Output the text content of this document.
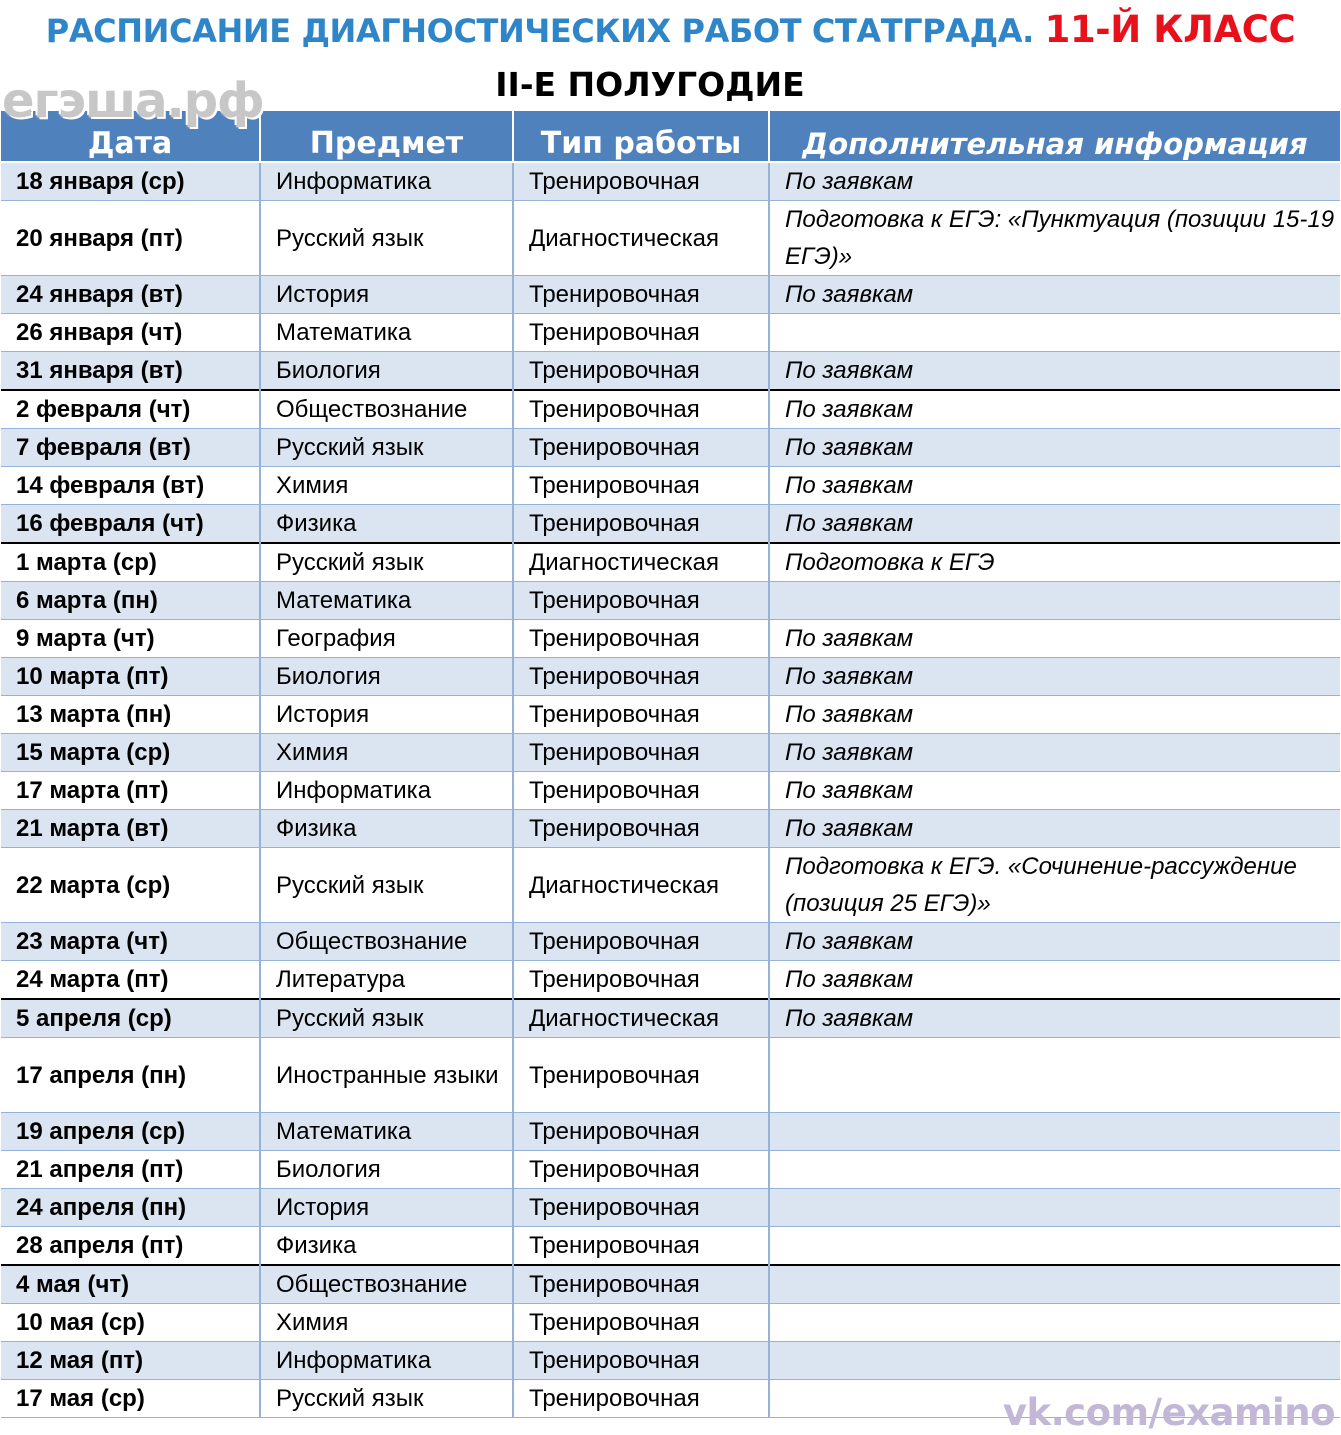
РАСПИСАНИЕ ДИАГНОСТИЧЕСКИХ РАБОТ СТАТГРАДА. 11-Й КЛАСС
II-Е ПОЛУГОДИЕ
егэша.рф
Дата	Предмет	Тип работы	Дополнительная информация
18 января (ср)	Информатика	Тренировочная	По заявкам
20 января (пт)	Русский язык	Диагностическая	Подготовка к ЕГЭ: «Пунктуация (позиции 15-19 ЕГЭ)»
24 января (вт)	История	Тренировочная	По заявкам
26 января (чт)	Математика	Тренировочная	
31 января (вт)	Биология	Тренировочная	По заявкам
2 февраля (чт)	Обществознание	Тренировочная	По заявкам
7 февраля (вт)	Русский язык	Тренировочная	По заявкам
14 февраля (вт)	Химия	Тренировочная	По заявкам
16 февраля (чт)	Физика	Тренировочная	По заявкам
1 марта (ср)	Русский язык	Диагностическая	Подготовка к ЕГЭ
6 марта (пн)	Математика	Тренировочная	
9 марта (чт)	География	Тренировочная	По заявкам
10 марта (пт)	Биология	Тренировочная	По заявкам
13 марта (пн)	История	Тренировочная	По заявкам
15 марта (ср)	Химия	Тренировочная	По заявкам
17 марта (пт)	Информатика	Тренировочная	По заявкам
21 марта (вт)	Физика	Тренировочная	По заявкам
22 марта (ср)	Русский язык	Диагностическая	Подготовка к ЕГЭ. «Сочинение-рассуждение (позиция 25 ЕГЭ)»
23 марта (чт)	Обществознание	Тренировочная	По заявкам
24 марта (пт)	Литература	Тренировочная	По заявкам
5 апреля (ср)	Русский язык	Диагностическая	По заявкам
17 апреля (пн)	Иностранные языки	Тренировочная	
19 апреля (ср)	Математика	Тренировочная	
21 апреля (пт)	Биология	Тренировочная	
24 апреля (пн)	История	Тренировочная	
28 апреля (пт)	Физика	Тренировочная	
4 мая (чт)	Обществознание	Тренировочная	
10 мая (ср)	Химия	Тренировочная	
12 мая (пт)	Информатика	Тренировочная	
17 мая (ср)	Русский язык	Тренировочная		vk.com/examino
